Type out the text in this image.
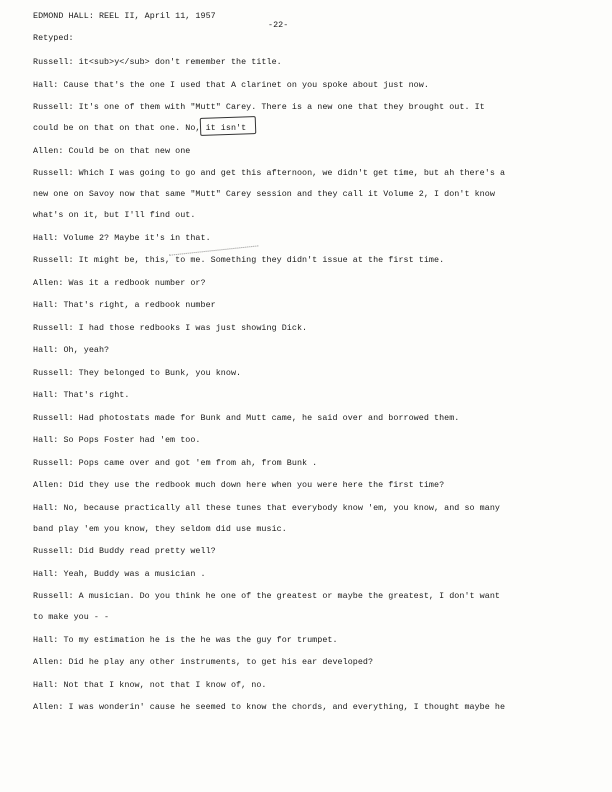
EDMOND HALL: REEL II, April 11, 1957
-22-
Retyped:
Russell: it<sub>y</sub> don't remember the title.
Hall: Cause that's the one I used that A clarinet on you spoke about just now.
Russell: It's one of them with "Mutt" Carey. There is a new one that they brought out. It
could be on that on that one. No, it isn't
Allen: Could be on that new one
Russell: Which I was going to go and get this afternoon, we didn't get time, but ah there's a
new one on Savoy now that same "Mutt" Carey session and they call it Volume 2, I don't know
what's on it, but I'll find out.
Hall: Volume 2? Maybe it's in that.
Russell: It might be, this, to me. Something they didn't issue at the first time.
Allen: Was it a redbook number or?
Hall: That's right, a redbook number
Russell: I had those redbooks I was just showing Dick.
Hall: Oh, yeah?
Russell: They belonged to Bunk, you know.
Hall: That's right.
Russell: Had photostats made for Bunk and Mutt came, he said over and borrowed them.
Hall: So Pops Foster had 'em too.
Russell: Pops came over and got 'em from ah, from Bunk .
Allen: Did they use the redbook much down here when you were here the first time?
Hall: No, because practically all these tunes that everybody know 'em, you know, and so many
band play 'em you know, they seldom did use music.
Russell: Did Buddy read pretty well?
Hall: Yeah, Buddy was a musician .
Russell: A musician. Do you think he one of the greatest or maybe the greatest, I don't want
to make you - -
Hall: To my estimation he is the he was the guy for trumpet.
Allen: Did he play any other instruments, to get his ear developed?
Hall: Not that I know, not that I know of, no.
Allen: I was wonderin' cause he seemed to know the chords, and everything, I thought maybe he
